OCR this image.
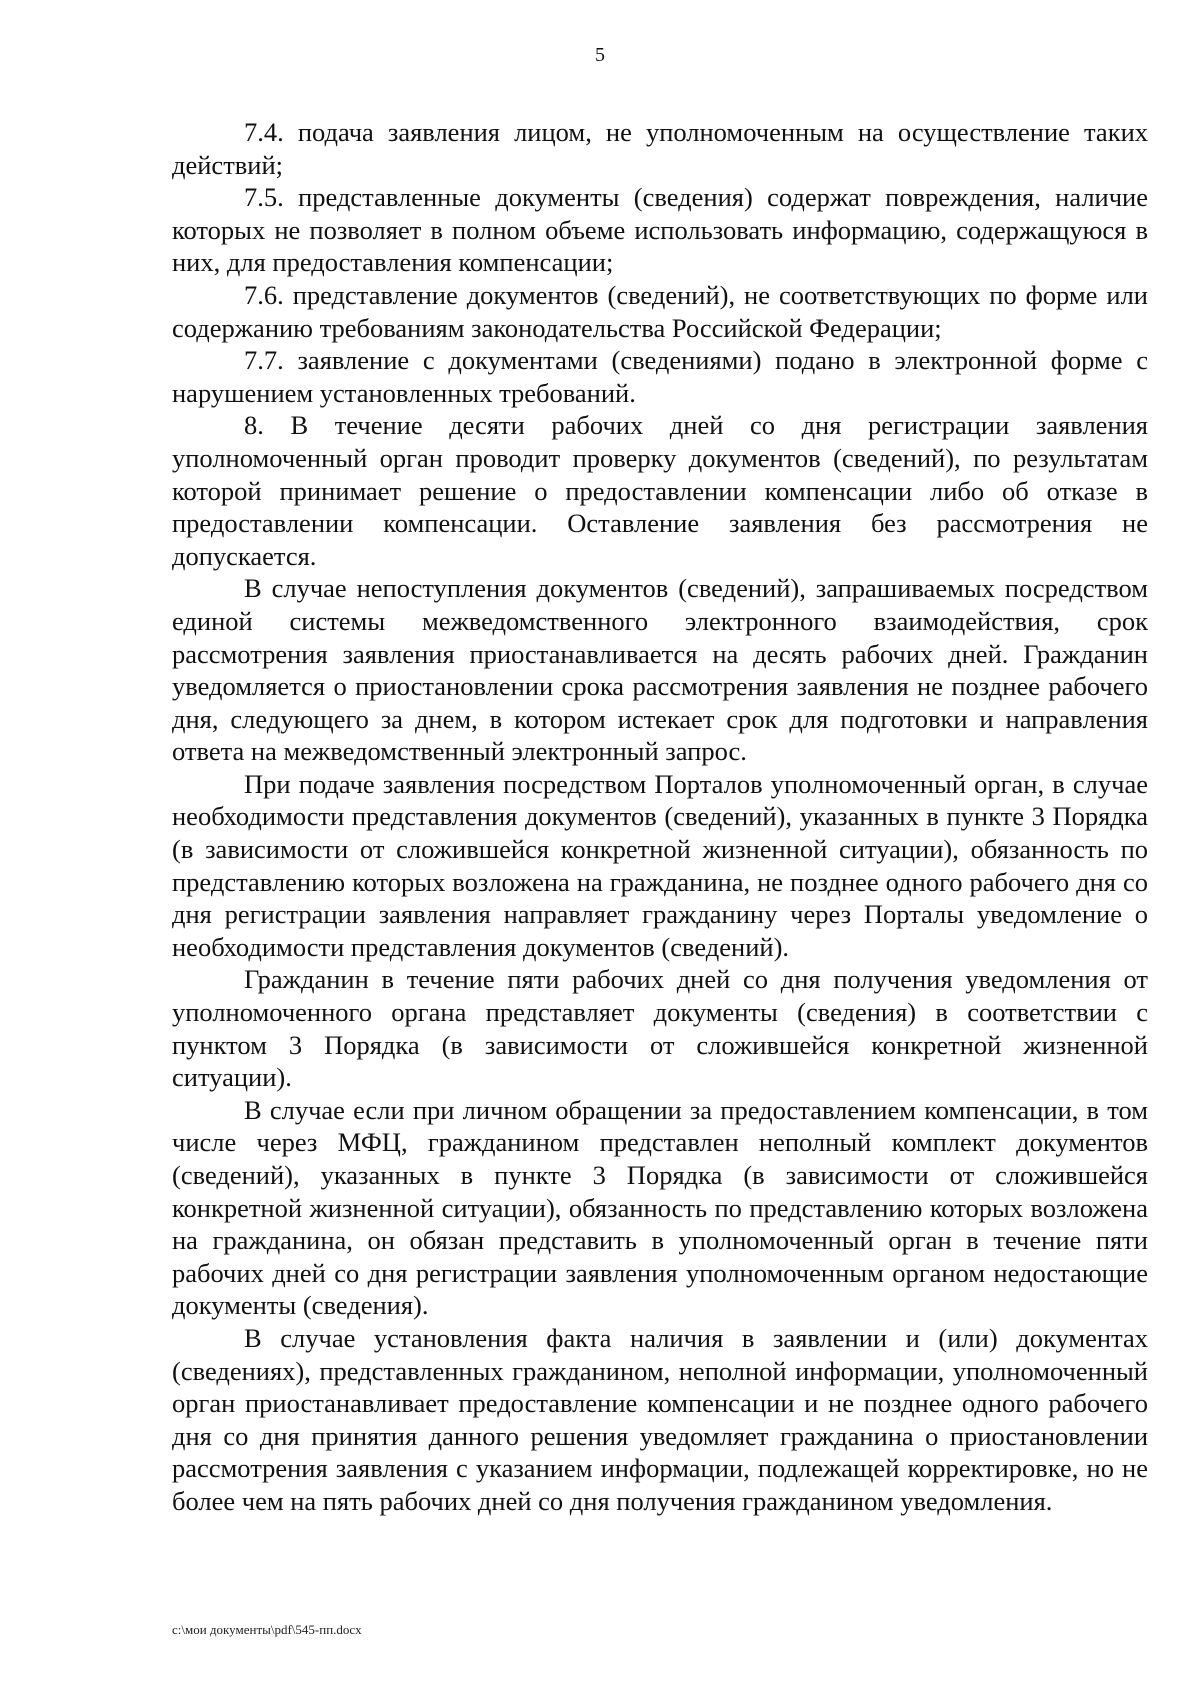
5

7.4. подача заявления лицом, не уполномоченным на осуществление таких действий;

7.5. представленные документы (сведения) содержат повреждения, наличие которых не позволяет в полном объеме использовать информацию, содержащуюся в них, для предоставления компенсации;

7.6. представление документов (сведений), не соответствующих по форме или содержанию требованиям законодательства Российской Федерации;

7.7. заявление с документами (сведениями) подано в электронной форме с нарушением установленных требований.

8. В течение десяти рабочих дней со дня регистрации заявления уполномоченный орган проводит проверку документов (сведений), по результатам которой принимает решение о предоставлении компенсации либо об отказе в предоставлении компенсации. Оставление заявления без рассмотрения не допускается.

В случае непоступления документов (сведений), запрашиваемых посредством единой системы межведомственного электронного взаимодействия, срок рассмотрения заявления приостанавливается на десять рабочих дней. Гражданин уведомляется о приостановлении срока рассмотрения заявления не позднее рабочего дня, следующего за днем, в котором истекает срок для подготовки и направления ответа на межведомственный электронный запрос.

При подаче заявления посредством Порталов уполномоченный орган, в случае необходимости представления документов (сведений), указанных в пункте 3 Порядка (в зависимости от сложившейся конкретной жизненной ситуации), обязанность по представлению которых возложена на гражданина, не позднее одного рабочего дня со дня регистрации заявления направляет гражданину через Порталы уведомление о необходимости представления документов (сведений).

Гражданин в течение пяти рабочих дней со дня получения уведомления от уполномоченного органа представляет документы (сведения) в соответствии с пунктом 3 Порядка (в зависимости от сложившейся конкретной жизненной ситуации).

В случае если при личном обращении за предоставлением компенсации, в том числе через МФЦ, гражданином представлен неполный комплект документов (сведений), указанных в пункте 3 Порядка (в зависимости от сложившейся конкретной жизненной ситуации), обязанность по представлению которых возложена на гражданина, он обязан представить в уполномоченный орган в течение пяти рабочих дней со дня регистрации заявления уполномоченным органом недостающие документы (сведения).

В случае установления факта наличия в заявлении и (или) документах (сведениях), представленных гражданином, неполной информации, уполномоченный орган приостанавливает предоставление компенсации и не позднее одного рабочего дня со дня принятия данного решения уведомляет гражданина о приостановлении рассмотрения заявления с указанием информации, подлежащей корректировке, но не более чем на пять рабочих дней со дня получения гражданином уведомления.

c:\мои документы\pdf\545-пп.docx
